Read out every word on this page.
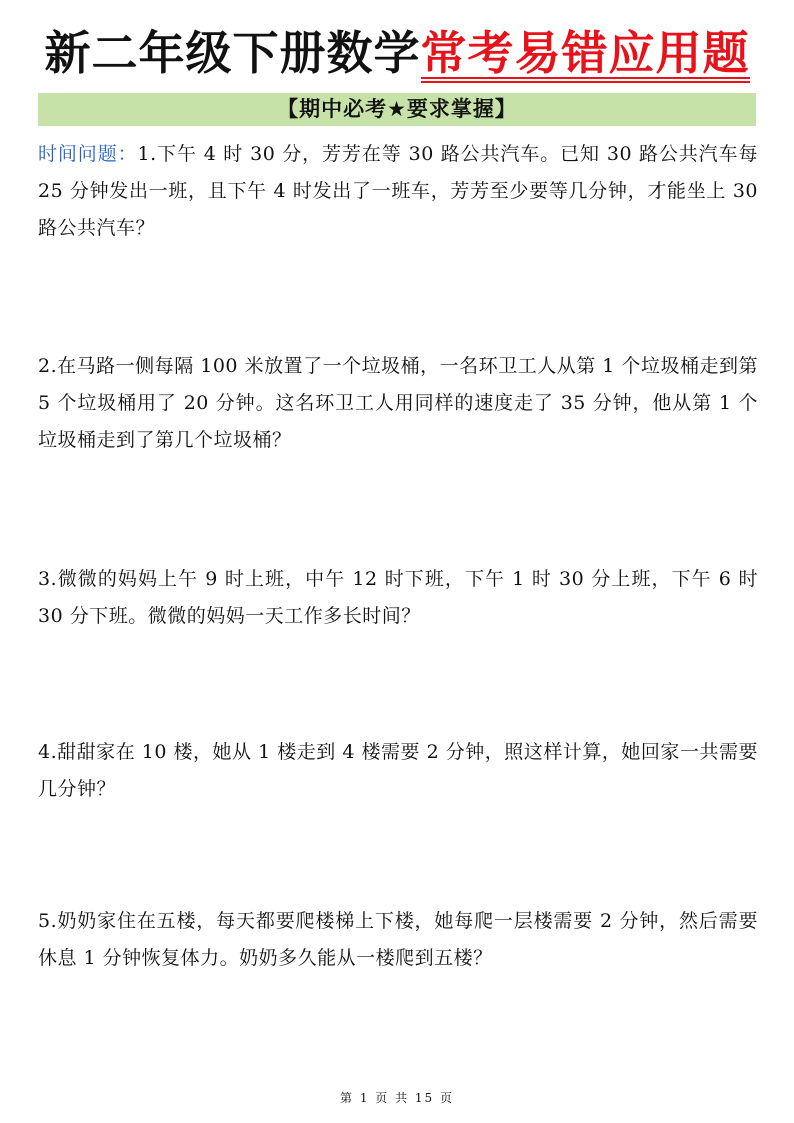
新二年级下册数学常考易错应用题
【期中必考★要求掌握】
时间问题：1.下午 4 时 30 分，芳芳在等 30 路公共汽车。已知 30 路公共汽车每 25 分钟发出一班，且下午 4 时发出了一班车，芳芳至少要等几分钟，才能坐上 30 路公共汽车？
2.在马路一侧每隔 100 米放置了一个垃圾桶，一名环卫工人从第 1 个垃圾桶走到第 5 个垃圾桶用了 20 分钟。这名环卫工人用同样的速度走了 35 分钟，他从第 1 个垃圾桶走到了第几个垃圾桶？
3.微微的妈妈上午 9 时上班，中午 12 时下班，下午 1 时 30 分上班，下午 6 时 30 分下班。微微的妈妈一天工作多长时间？
4.甜甜家在 10 楼，她从 1 楼走到 4 楼需要 2 分钟，照这样计算，她回家一共需要几分钟？
5.奶奶家住在五楼，每天都要爬楼梯上下楼，她每爬一层楼需要 2 分钟，然后需要休息 1 分钟恢复体力。奶奶多久能从一楼爬到五楼？
第 1 页 共 15 页
